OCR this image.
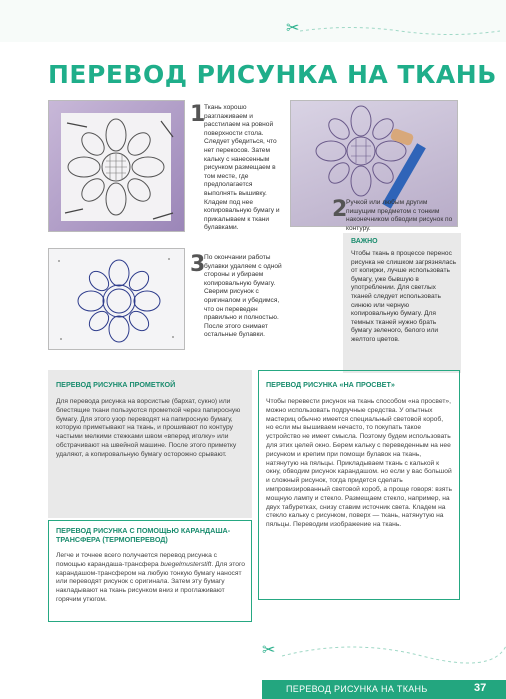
✂
ПЕРЕВОД РИСУНКА НА ТКАНЬ
1
Ткань хорошо разглаживаем и расстилаем на ровной поверхности стола. Следует убедиться, что нет перекосов. Затем кальку с нанесенным рисунком размещаем в том месте, где предполагается выполнять вышивку. Кладем под нее копировальную бумагу и прикалываем к ткани булавками.
2
Ручкой или любым другим пишущим предметом с тонким наконечником обводим рисунок по контуру.
3
По окончании работы булавки удаляем с одной стороны и убираем копировальную бумагу. Сверим рисунок с оригиналом и убедимся, что он переведен правильно и полностью. После этого снимает остальные булавки.
ВАЖНО
Чтобы ткань в процессе перенос рисунка не слишком загрязнялась от копирки, лучше использовать бумагу, уже бывшую в употреблении. Для светлых тканей следует использовать синюю или черную копировальную бумагу. Для темных тканей нужно брать бумагу зеленого, белого или желтого цветов.
ПЕРЕВОД РИСУНКА ПРОМЕТКОЙ
Для перевода рисунка на ворсистые (бархат, сукно) или блестящие ткани пользуются прометкой через папиросную бумагу. Для этого узор переводят на папиросную бумагу, которую приметывают на ткань, и прошивают по контуру частыми мелкими стежками швом «вперед иголку» или обстрачивают на швейной машине. После этого приметку удаляют, а копировальную бумагу осторожно срывают.
ПЕРЕВОД РИСУНКА С ПОМОЩЬЮ КАРАНДАША-ТРАНСФЕРА (ТЕРМОПЕРЕВОД)
Легче и точнее всего получается перевод рисунка с помощью карандаша-трансфера buegelmusterstift. Для этого карандашом-трансфером на любую тонкую бумагу наносят или переводят рисунок с оригинала. Затем эту бумагу накладывают на ткань рисунком вниз и проглаживают горячим утюгом.
ПЕРЕВОД РИСУНКА «НА ПРОСВЕТ»
Чтобы перевести рисунок на ткань способом «на просвет», можно использовать подручные средства. У опытных мастериц обычно имеется специальный световой короб, но если мы вышиваем нечасто, то покупать такое устройство не имеет смысла. Поэтому будем использовать для этих целей окно. Берем кальку с переведенным на нее рисунком и крепим при помощи булавок на ткань, натянутую на пяльцы. Прикладываем ткань с калькой к окну, обводим рисунок карандашом. но если у вас большой и сложный рисунок, тогда придется сделать импровизированный световой короб, а проще говоря: взять мощную лампу и стекло. Размещаем стекло, например, на двух табуретках, снизу ставим источник света. Кладем на стекло кальку с рисунком, поверх — ткань, натянутую на пяльцы. Переводим изображение на ткань.
✂
ПЕРЕВОД РИСУНКА НА ТКАНЬ	37
